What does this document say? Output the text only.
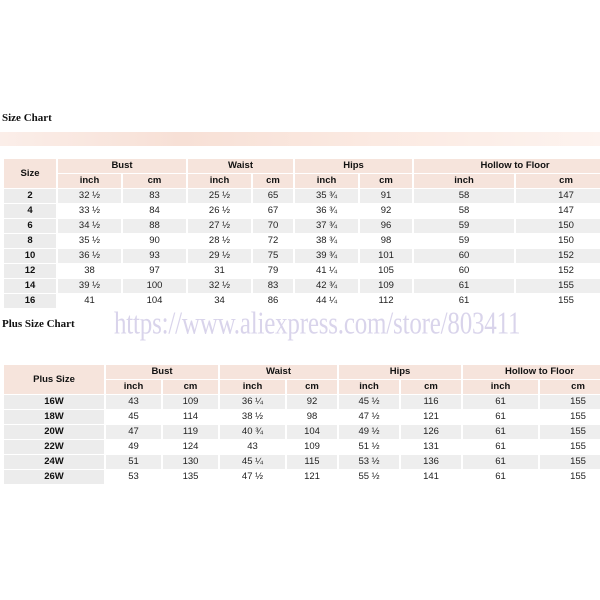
Size Chart
Size	Bust		Waist		Hips		Hollow to Floor	
	inch	cm	inch	cm	inch	cm	inch	cm
2	32 ½	83	25 ½	65	35 ¾	91	58	147
4	33 ½	84	26 ½	67	36 ¾	92	58	147
6	34 ½	88	27 ½	70	37 ¾	96	59	150
8	35 ½	90	28 ½	72	38 ¾	98	59	150
10	36 ½	93	29 ½	75	39 ¾	101	60	152
12	38	97	31	79	41 ¼	105	60	152
14	39 ½	100	32 ½	83	42 ¾	109	61	155
16	41	104	34	86	44 ¼	112	61	155
Plus Size Chart
Plus Size	Bust		Waist		Hips		Hollow to Floor	
	inch	cm	inch	cm	inch	cm	inch	cm
16W	43	109	36 ¼	92	45 ½	116	61	155
18W	45	114	38 ½	98	47 ½	121	61	155
20W	47	119	40 ¾	104	49 ½	126	61	155
22W	49	124	43	109	51 ½	131	61	155
24W	51	130	45 ¼	115	53 ½	136	61	155
26W	53	135	47 ½	121	55 ½	141	61	155
https://www.aliexpress.com/store/803411
